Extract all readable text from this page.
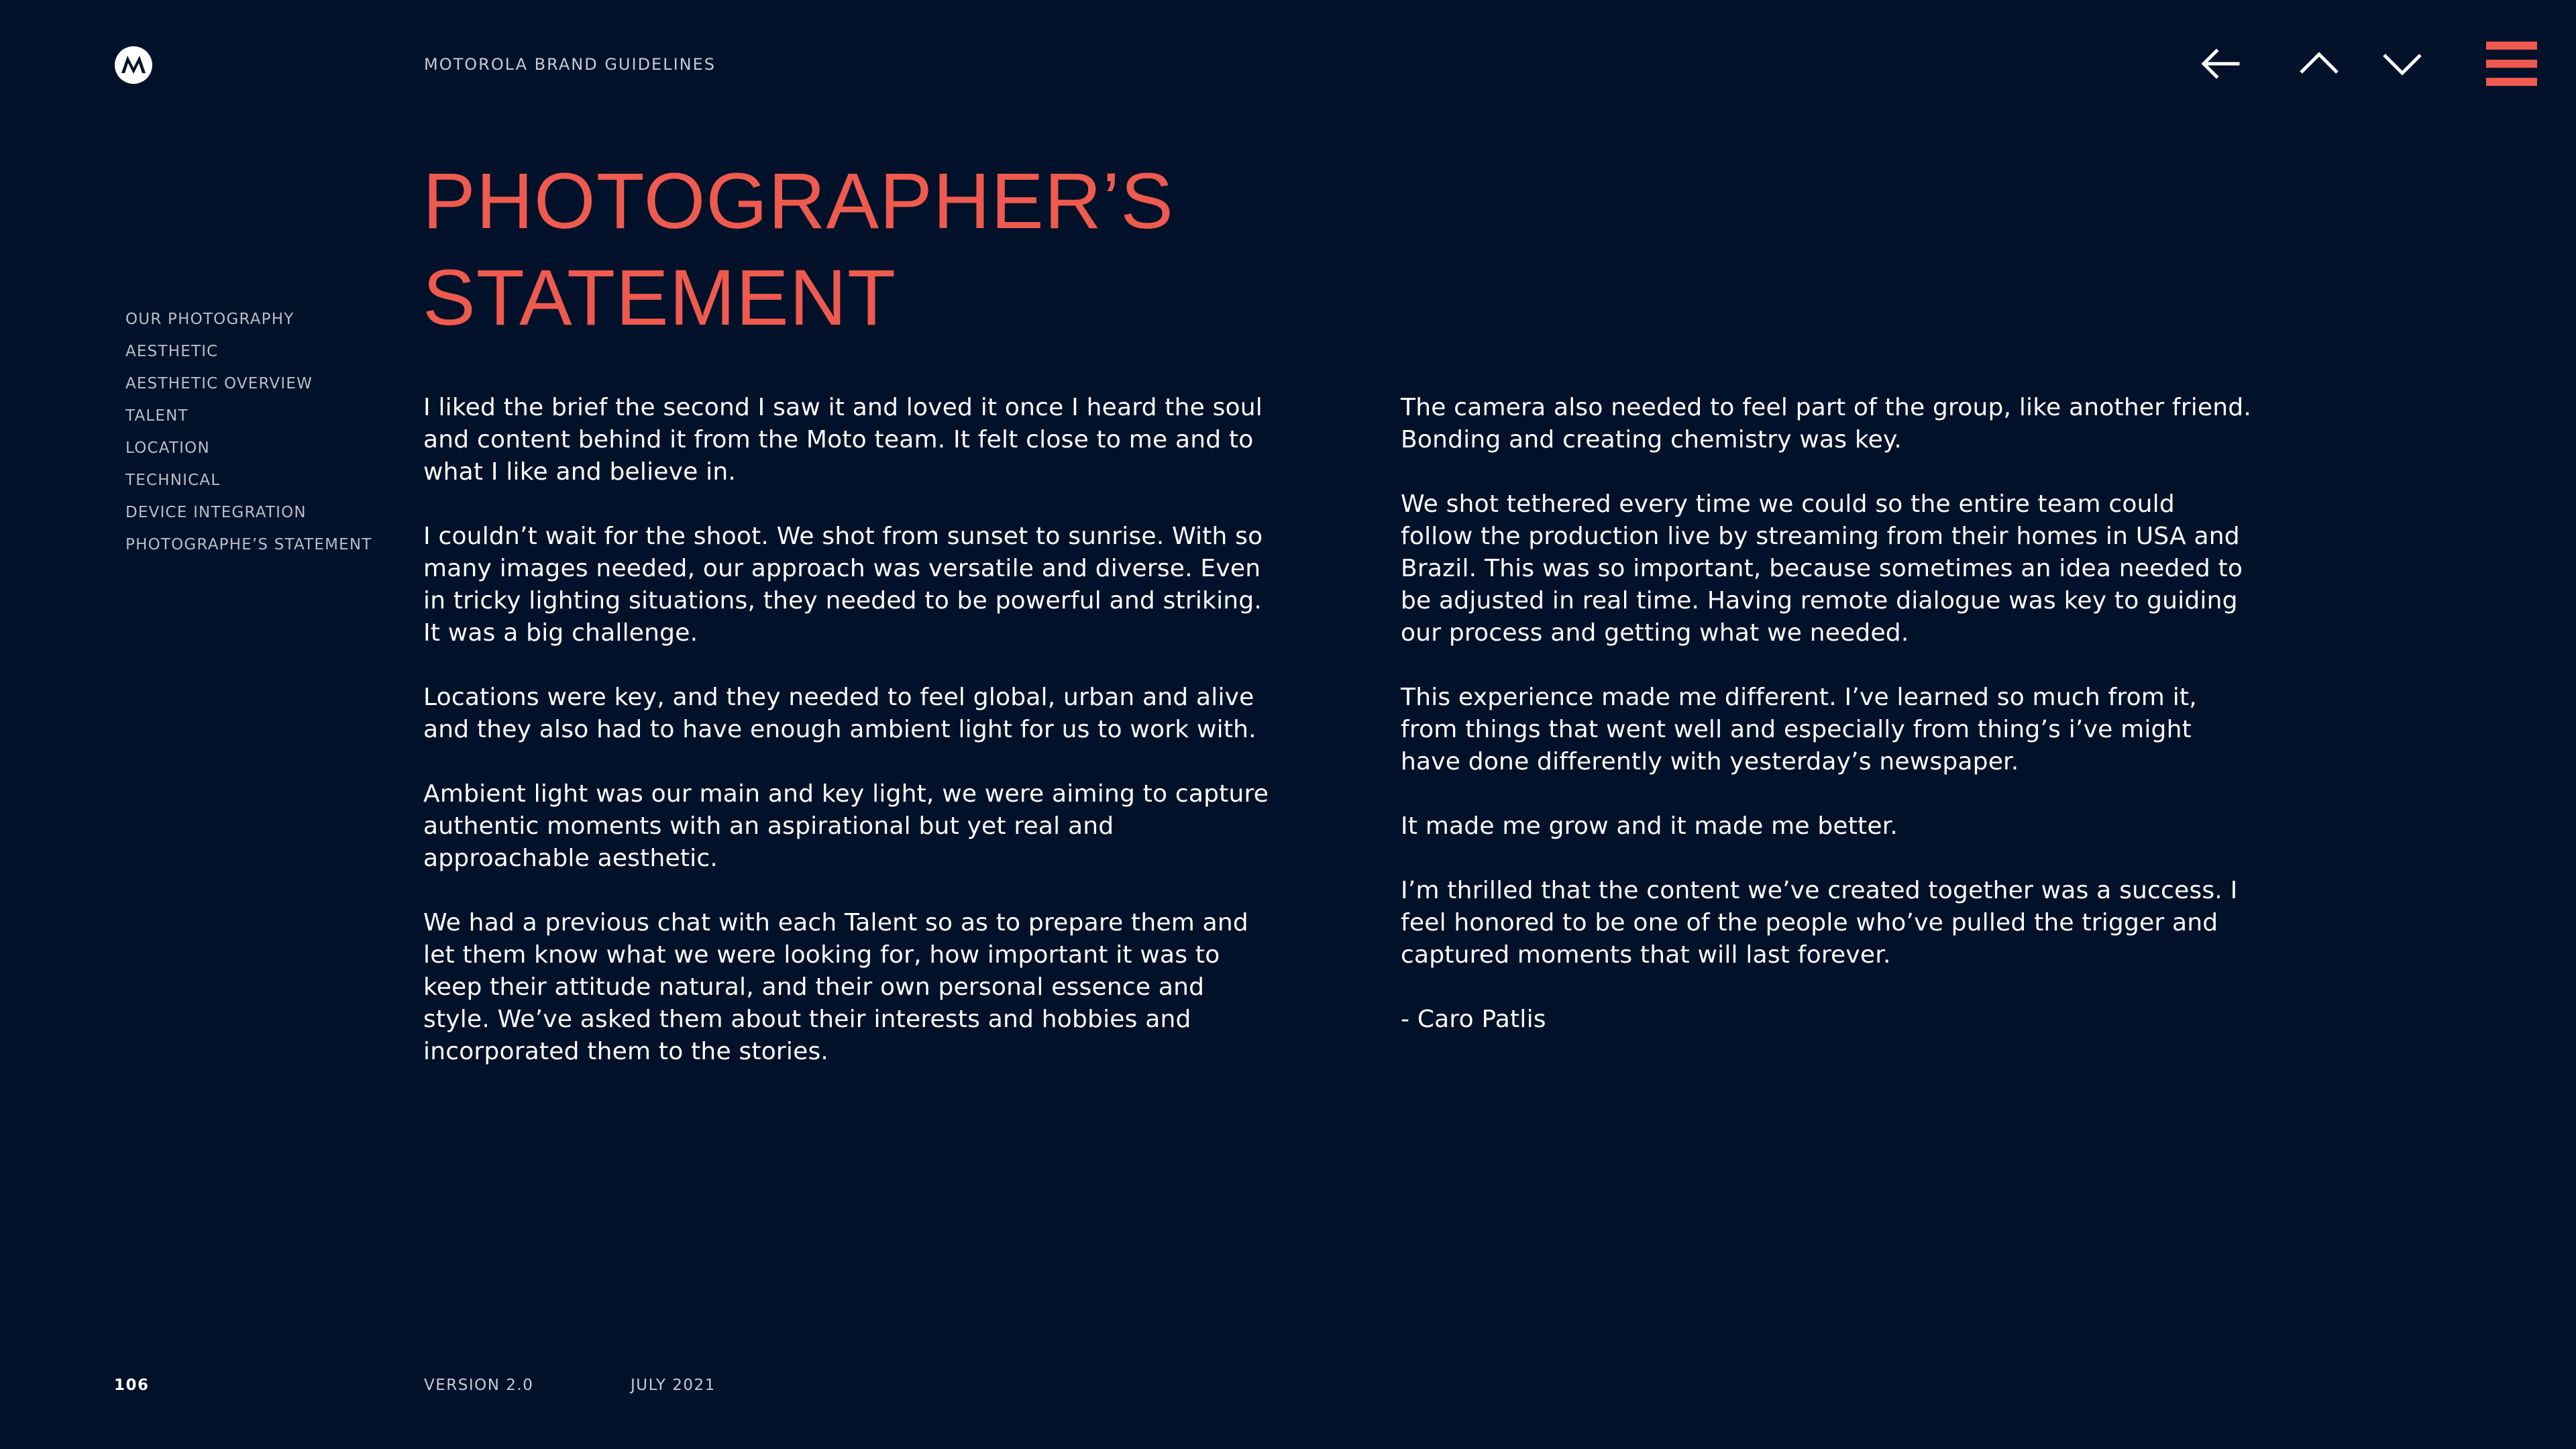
MOTOROLA BRAND GUIDELINES
OUR PHOTOGRAPHY
AESTHETIC
AESTHETIC OVERVIEW
TALENT
LOCATION
TECHNICAL
DEVICE INTEGRATION
PHOTOGRAPHE’S STATEMENT
PHOTOGRAPHER’S
STATEMENT

I liked the brief the second I saw it and loved it once I heard the soul and content behind it from the Moto team. It felt close to me and to what I like and believe in.

I couldn’t wait for the shoot. We shot from sunset to sunrise. With so many images needed, our approach was versatile and diverse. Even in tricky lighting situations, they needed to be powerful and striking. It was a big challenge.

Locations were key, and they needed to feel global, urban and alive and they also had to have enough ambient light for us to work with.

Ambient light was our main and key light, we were aiming to capture authentic moments with an aspirational but yet real and approachable aesthetic.

We had a previous chat with each Talent so as to prepare them and let them know what we were looking for, how important it was to keep their attitude natural, and their own personal essence and style. We’ve asked them about their interests and hobbies and incorporated them to the stories.

The camera also needed to feel part of the group, like another friend. Bonding and creating chemistry was key.

We shot tethered every time we could so the entire team could follow the production live by streaming from their homes in USA and Brazil. This was so important, because sometimes an idea needed to be adjusted in real time. Having remote dialogue was key to guiding our process and getting what we needed.

This experience made me different. I’ve learned so much from it, from things that went well and especially from thing’s i’ve might have done differently with yesterday’s newspaper.

It made me grow and it made me better.

I’m thrilled that the content we’ve created together was a success. I feel honored to be one of the people who’ve pulled the trigger and captured moments that will last forever.

- Caro Patlis

106	VERSION 2.0	JULY 2021
